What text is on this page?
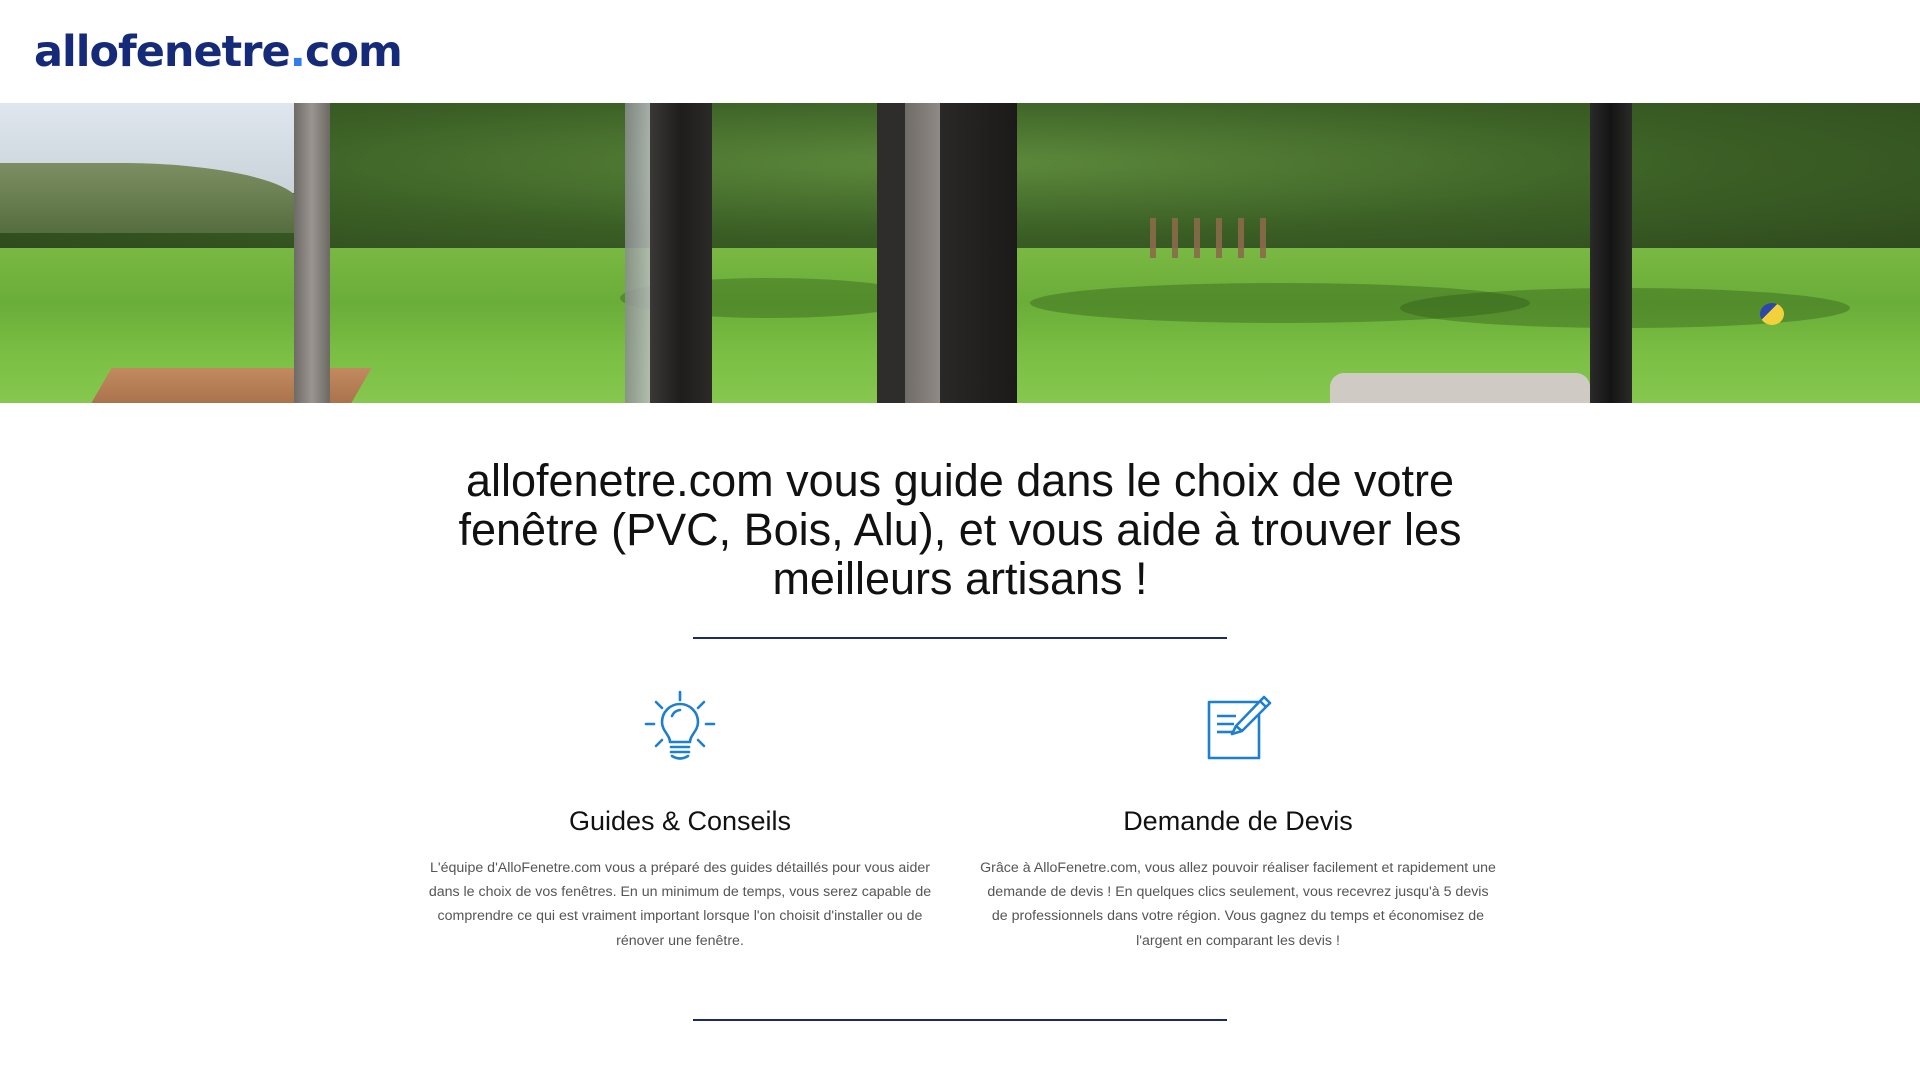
allofenetre.com
allofenetre.com vous guide dans le choix de votre fenêtre (PVC, Bois, Alu), et vous aide à trouver les meilleurs artisans !
Guides & Conseils

L'équipe d'AlloFenetre.com vous a préparé des guides détaillés pour vous aider dans le choix de vos fenêtres. En un minimum de temps, vous serez capable de comprendre ce qui est vraiment important lorsque l'on choisit d'installer ou de rénover une fenêtre.

Demande de Devis

Grâce à AlloFenetre.com, vous allez pouvoir réaliser facilement et rapidement une demande de devis ! En quelques clics seulement, vous recevrez jusqu'à 5 devis de professionnels dans votre région. Vous gagnez du temps et économisez de l'argent en comparant les devis !
